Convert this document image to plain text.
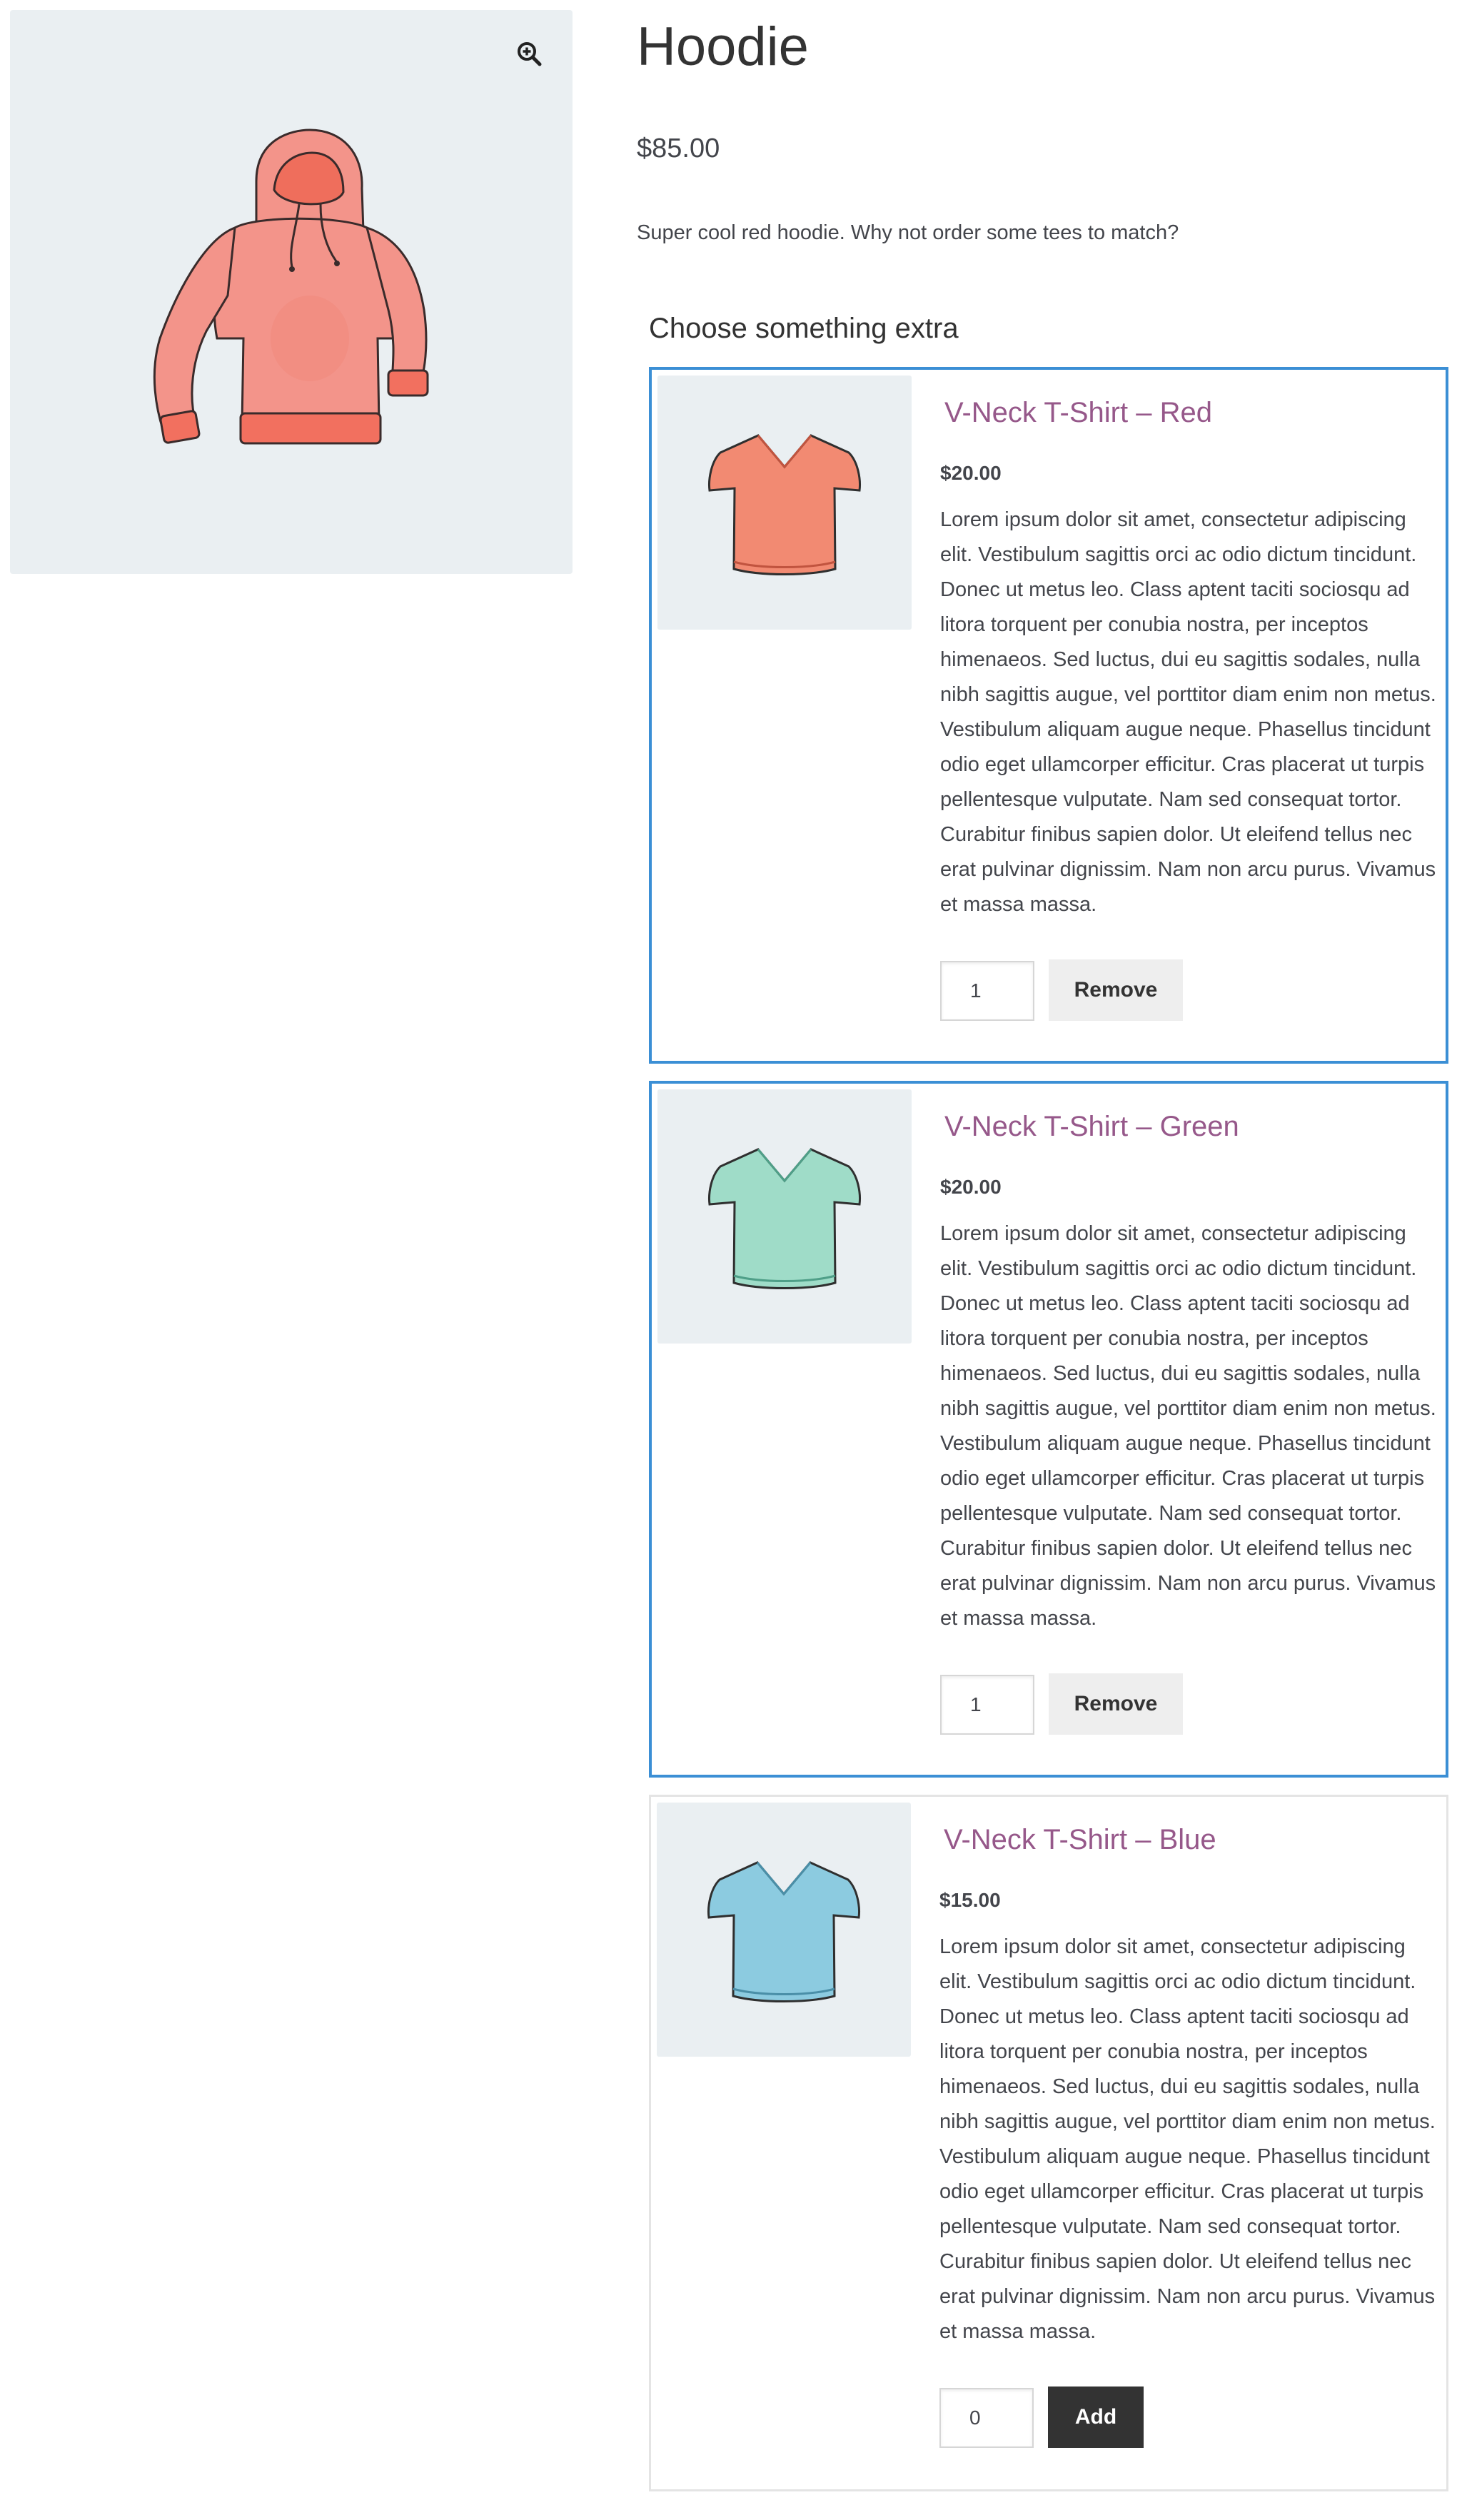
Hoodie
$85.00
Super cool red hoodie. Why not order some tees to match?
Choose something extra
V-Neck T-Shirt – Red
$20.00

Lorem ipsum dolor sit amet, consectetur adipiscing elit. Vestibulum sagittis orci ac odio dictum tincidunt. Donec ut metus leo. Class aptent taciti sociosqu ad litora torquent per conubia nostra, per inceptos himenaeos. Sed luctus, dui eu sagittis sodales, nulla nibh sagittis augue, vel porttitor diam enim non metus. Vestibulum aliquam augue neque. Phasellus tincidunt odio eget ullamcorper efficitur. Cras placerat ut turpis pellentesque vulputate. Nam sed consequat tortor. Curabitur finibus sapien dolor. Ut eleifend tellus nec erat pulvinar dignissim. Nam non arcu purus. Vivamus et massa massa.

1
Remove
V-Neck T-Shirt – Green
$20.00

Lorem ipsum dolor sit amet, consectetur adipiscing elit. Vestibulum sagittis orci ac odio dictum tincidunt. Donec ut metus leo. Class aptent taciti sociosqu ad litora torquent per conubia nostra, per inceptos himenaeos. Sed luctus, dui eu sagittis sodales, nulla nibh sagittis augue, vel porttitor diam enim non metus. Vestibulum aliquam augue neque. Phasellus tincidunt odio eget ullamcorper efficitur. Cras placerat ut turpis pellentesque vulputate. Nam sed consequat tortor. Curabitur finibus sapien dolor. Ut eleifend tellus nec erat pulvinar dignissim. Nam non arcu purus. Vivamus et massa massa.

1
Remove
V-Neck T-Shirt – Blue
$15.00

Lorem ipsum dolor sit amet, consectetur adipiscing elit. Vestibulum sagittis orci ac odio dictum tincidunt. Donec ut metus leo. Class aptent taciti sociosqu ad litora torquent per conubia nostra, per inceptos himenaeos. Sed luctus, dui eu sagittis sodales, nulla nibh sagittis augue, vel porttitor diam enim non metus. Vestibulum aliquam augue neque. Phasellus tincidunt odio eget ullamcorper efficitur. Cras placerat ut turpis pellentesque vulputate. Nam sed consequat tortor. Curabitur finibus sapien dolor. Ut eleifend tellus nec erat pulvinar dignissim. Nam non arcu purus. Vivamus et massa massa.

0
Add
